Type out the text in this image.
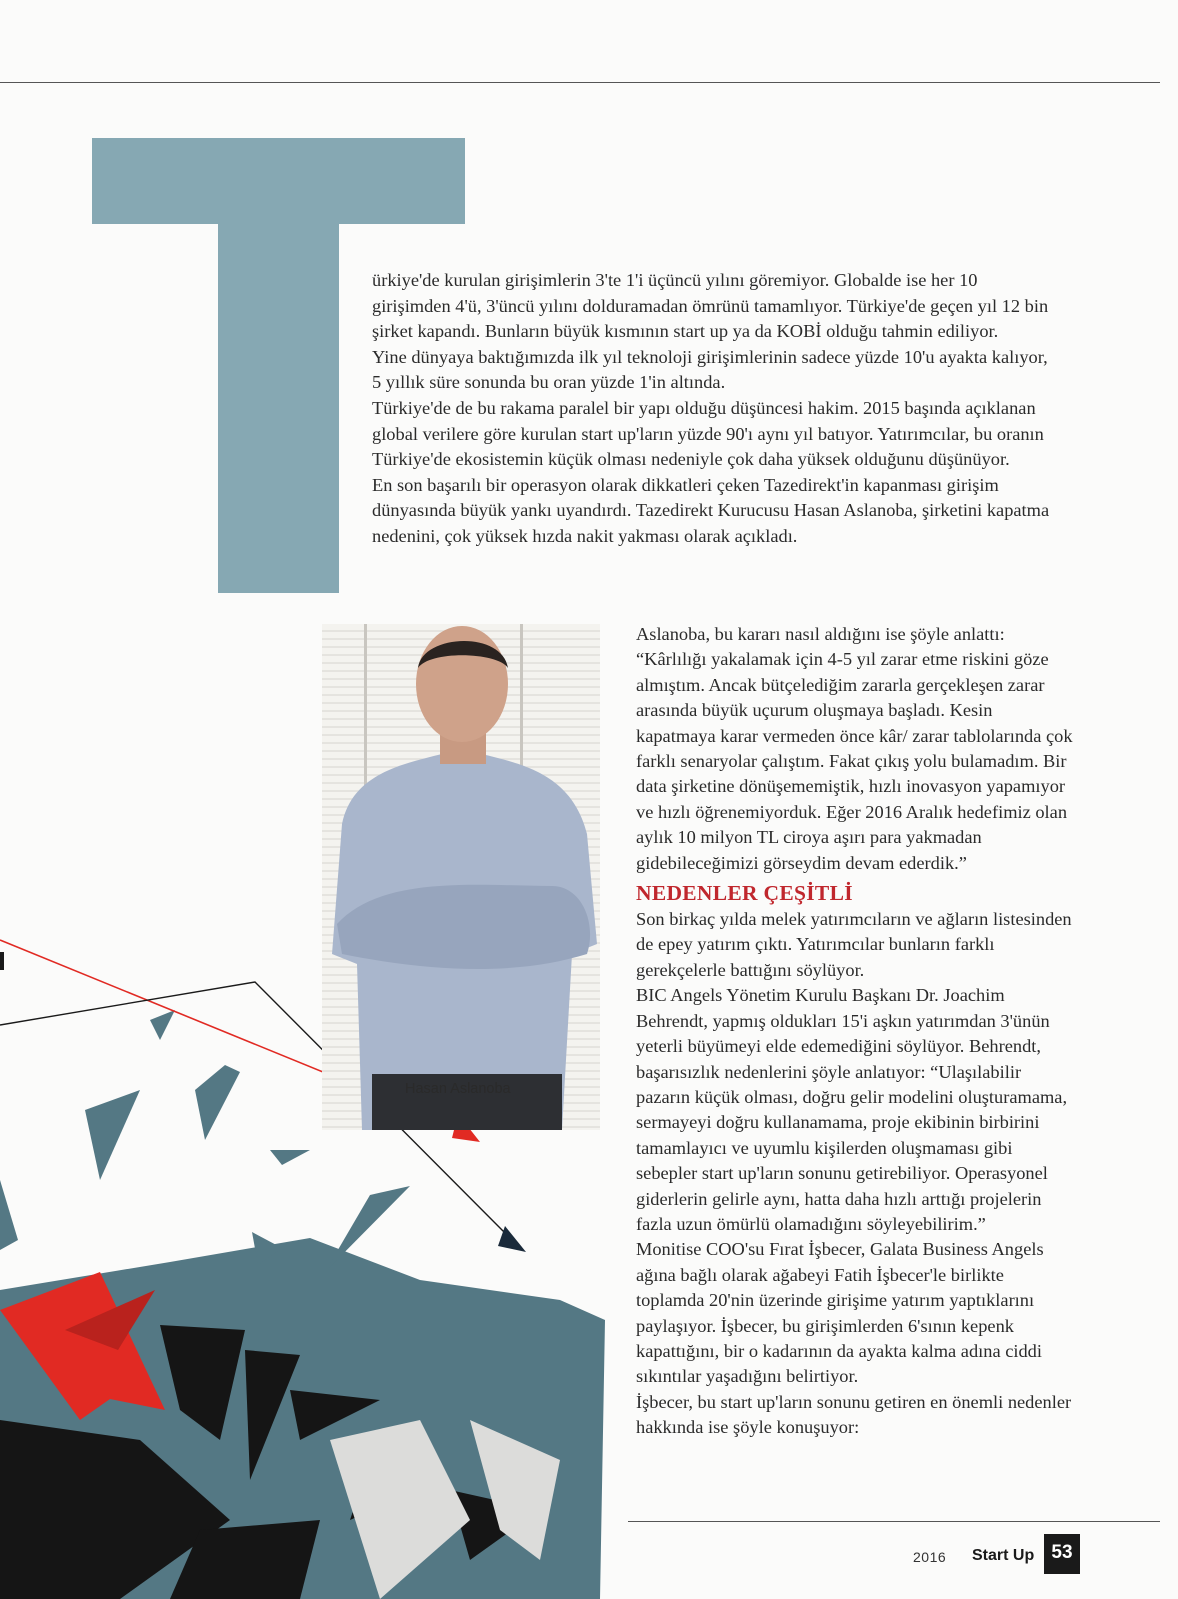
ürkiye'de kurulan girişimlerin 3'te 1'i üçüncü yılını göremiyor. Globalde ise her 10 girişimden 4'ü, 3'üncü yılını dolduramadan ömrünü tamamlıyor. Türkiye'de geçen yıl 12 bin şirket kapandı. Bunların büyük kısmının start up ya da KOBİ olduğu tahmin ediliyor.

Yine dünyaya baktığımızda ilk yıl teknoloji girişimlerinin sadece yüzde 10'u ayakta kalıyor, 5 yıllık süre sonunda bu oran yüzde 1'in altında.

Türkiye'de de bu rakama paralel bir yapı olduğu düşüncesi hakim. 2015 başında açıklanan global verilere göre kurulan start up'ların yüzde 90'ı aynı yıl batıyor. Yatırımcılar, bu oranın Türkiye'de ekosistemin küçük olması nedeniyle çok daha yüksek olduğunu düşünüyor.

En son başarılı bir operasyon olarak dikkatleri çeken Tazedirekt'in kapanması girişim dünyasında büyük yankı uyandırdı. Tazedirekt Kurucusu Hasan Aslanoba, şirketini kapatma nedenini, çok yüksek hızda nakit yakması olarak açıkladı.

Hasan Aslanoba

Aslanoba, bu kararı nasıl aldığını ise şöyle anlattı: “Kârlılığı yakalamak için 4-5 yıl zarar etme riskini göze almıştım. Ancak bütçelediğim zararla gerçekleşen zarar arasında büyük uçurum oluşmaya başladı. Kesin kapatmaya karar vermeden önce kâr/ zarar tablolarında çok farklı senaryolar çalıştım. Fakat çıkış yolu bulamadım. Bir data şirketine dönüşememiştik, hızlı inovasyon yapamıyor ve hızlı öğrenemiyorduk. Eğer 2016 Aralık hedefimiz olan aylık 10 milyon TL ciroya aşırı para yakmadan gidebileceğimizi görseydim devam ederdik.”

NEDENLER ÇEŞİTLİ

Son birkaç yılda melek yatırımcıların ve ağların listesinden de epey yatırım çıktı. Yatırımcılar bunların farklı gerekçelerle battığını söylüyor.

BIC Angels Yönetim Kurulu Başkanı Dr. Joachim Behrendt, yapmış oldukları 15'i aşkın yatırımdan 3'ünün yeterli büyümeyi elde edemediğini söylüyor. Behrendt, başarısızlık nedenlerini şöyle anlatıyor: “Ulaşılabilir pazarın küçük olması, doğru gelir modelini oluşturamama, sermayeyi doğru kullanamama, proje ekibinin birbirini tamamlayıcı ve uyumlu kişilerden oluşmaması gibi sebepler start up'ların sonunu getirebiliyor. Operasyonel giderlerin gelirle aynı, hatta daha hızlı arttığı projelerin fazla uzun ömürlü olamadığını söyleyebilirim.”

Monitise COO'su Fırat İşbecer, Galata Business Angels ağına bağlı olarak ağabeyi Fatih İşbecer'le birlikte toplamda 20'nin üzerinde girişime yatırım yaptıklarını paylaşıyor. İşbecer, bu girişimlerden 6'sının kepenk kapattığını, bir o kadarının da ayakta kalma adına ciddi sıkıntılar yaşadığını belirtiyor.

İşbecer, bu start up'ların sonunu getiren en önemli nedenler hakkında ise şöyle konuşuyor:

2016 Start Up 53
